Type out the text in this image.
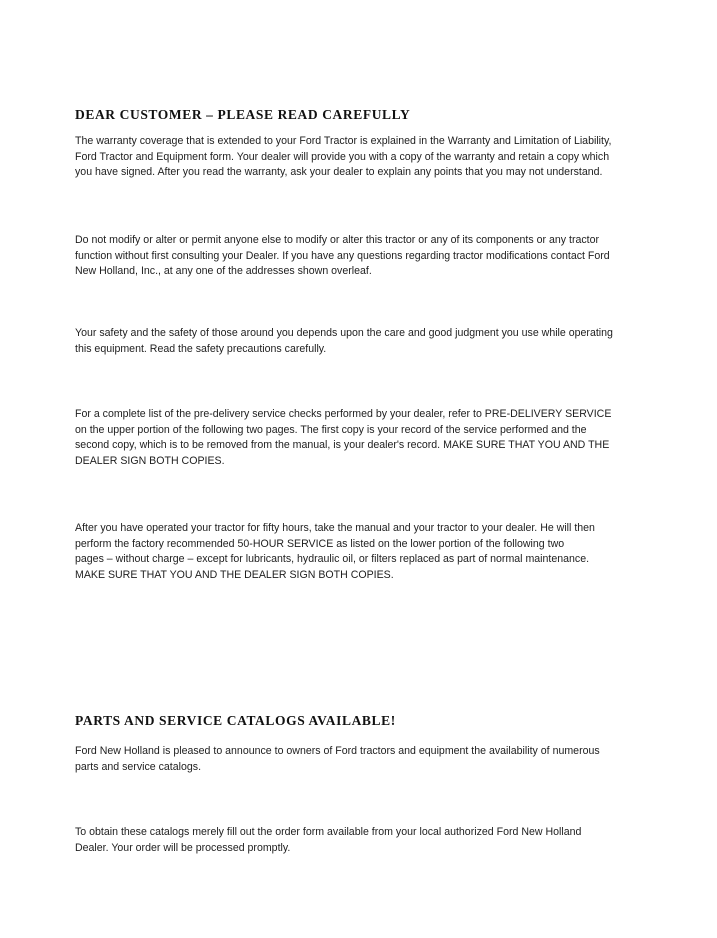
DEAR CUSTOMER – PLEASE READ CAREFULLY

The warranty coverage that is extended to your Ford Tractor is explained in the Warranty and Limitation of Liability,
Ford Tractor and Equipment form. Your dealer will provide you with a copy of the warranty and retain a copy which
you have signed. After you read the warranty, ask your dealer to explain any points that you may not understand.

Do not modify or alter or permit anyone else to modify or alter this tractor or any of its components or any tractor
function without first consulting your Dealer. If you have any questions regarding tractor modifications contact Ford
New Holland, Inc., at any one of the addresses shown overleaf.

Your safety and the safety of those around you depends upon the care and good judgment you use while operating
this equipment. Read the safety precautions carefully.

For a complete list of the pre-delivery service checks performed by your dealer, refer to PRE-DELIVERY SERVICE
on the upper portion of the following two pages. The first copy is your record of the service performed and the
second copy, which is to be removed from the manual, is your dealer's record. MAKE SURE THAT YOU AND THE
DEALER SIGN BOTH COPIES.

After you have operated your tractor for fifty hours, take the manual and your tractor to your dealer. He will then
perform the factory recommended 50-HOUR SERVICE as listed on the lower portion of the following two
pages – without charge – except for lubricants, hydraulic oil, or filters replaced as part of normal maintenance.
MAKE SURE THAT YOU AND THE DEALER SIGN BOTH COPIES.

PARTS AND SERVICE CATALOGS AVAILABLE!

Ford New Holland is pleased to announce to owners of Ford tractors and equipment the availability of numerous
parts and service catalogs.

To obtain these catalogs merely fill out the order form available from your local authorized Ford New Holland
Dealer. Your order will be processed promptly.
